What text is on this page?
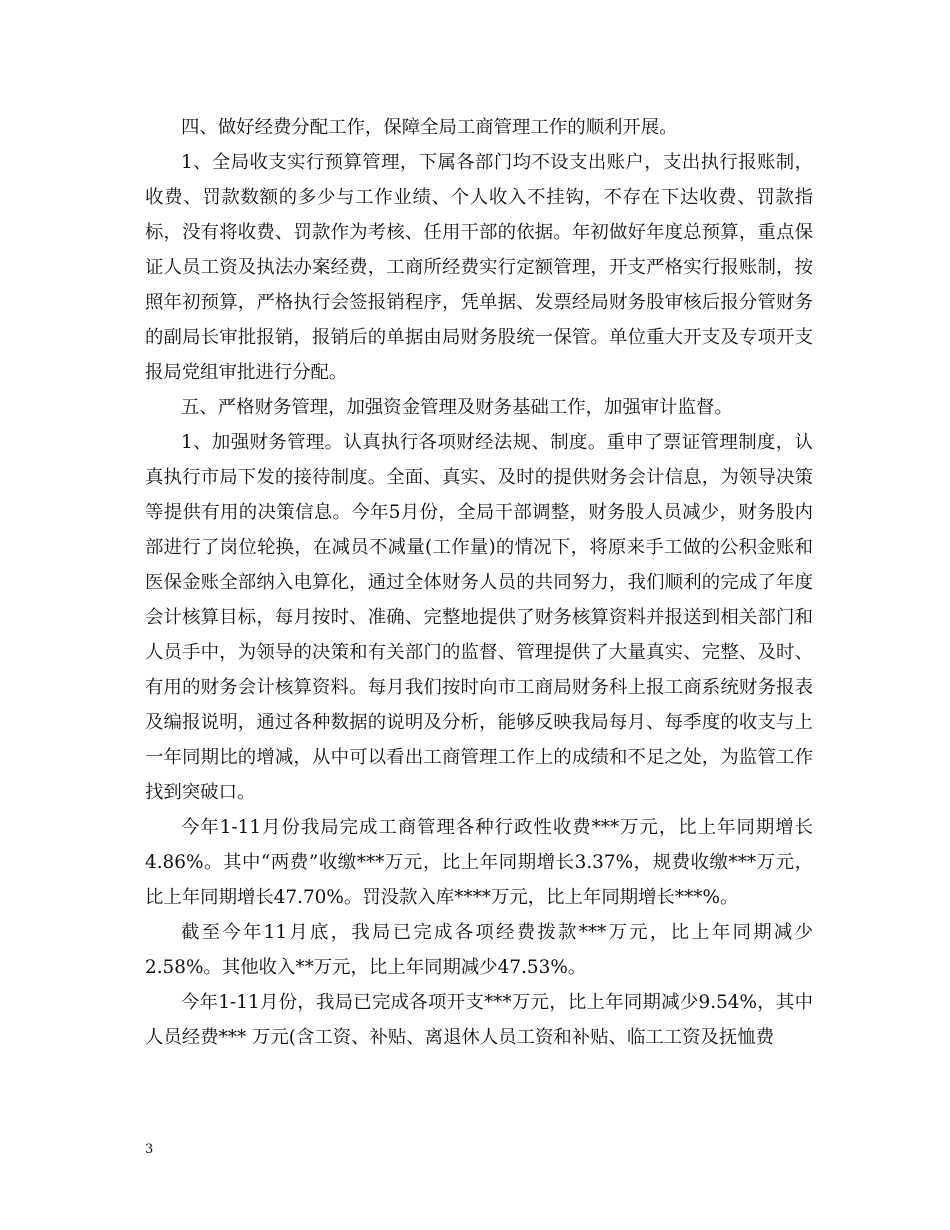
四、做好经费分配工作，保障全局工商管理工作的顺利开展。

1、全局收支实行预算管理，下属各部门均不设支出账户，支出执行报账制，收费、罚款数额的多少与工作业绩、个人收入不挂钩，不存在下达收费、罚款指标，没有将收费、罚款作为考核、任用干部的依据。年初做好年度总预算，重点保证人员工资及执法办案经费，工商所经费实行定额管理，开支严格实行报账制，按照年初预算，严格执行会签报销程序，凭单据、发票经局财务股审核后报分管财务的副局长审批报销，报销后的单据由局财务股统一保管。单位重大开支及专项开支报局党组审批进行分配。

五、严格财务管理，加强资金管理及财务基础工作，加强审计监督。

1、加强财务管理。认真执行各项财经法规、制度。重申了票证管理制度，认真执行市局下发的接待制度。全面、真实、及时的提供财务会计信息，为领导决策等提供有用的决策信息。今年5月份，全局干部调整，财务股人员减少，财务股内部进行了岗位轮换，在减员不减量(工作量)的情况下，将原来手工做的公积金账和医保金账全部纳入电算化，通过全体财务人员的共同努力，我们顺利的完成了年度会计核算目标，每月按时、准确、完整地提供了财务核算资料并报送到相关部门和人员手中，为领导的决策和有关部门的监督、管理提供了大量真实、完整、及时、有用的财务会计核算资料。每月我们按时向市工商局财务科上报工商系统财务报表及编报说明，通过各种数据的说明及分析，能够反映我局每月、每季度的收支与上一年同期比的增减，从中可以看出工商管理工作上的成绩和不足之处，为监管工作找到突破口。

今年1-11月份我局完成工商管理各种行政性收费***万元，比上年同期增长4.86%。其中“两费”收缴***万元，比上年同期增长3.37%，规费收缴***万元，比上年同期增长47.70%。罚没款入库****万元，比上年同期增长***%。

截至今年11月底，我局已完成各项经费拨款***万元，比上年同期减少2.58%。其他收入**万元，比上年同期减少47.53%。

今年1-11月份，我局已完成各项开支***万元，比上年同期减少9.54%，其中人员经费*** 万元(含工资、补贴、离退休人员工资和补贴、临工工资及抚恤费

3
